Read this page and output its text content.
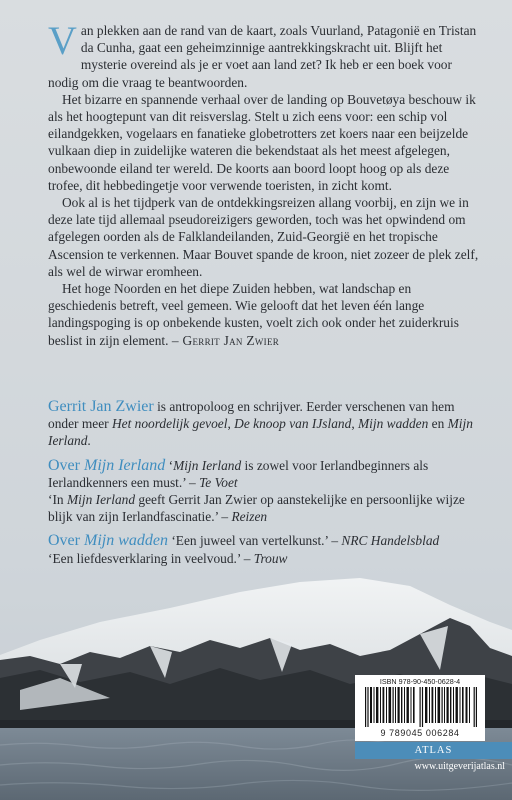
Van plekken aan de rand van de kaart, zoals Vuurland, Patagonië en Tristan da Cunha, gaat een geheimzinnige aantrekkingskracht uit. Blijft het mysterie overeind als je er voet aan land zet? Ik heb er een boek voor nodig om die vraag te beantwoorden.

Het bizarre en spannende verhaal over de landing op Bouvetøya beschouw ik als het hoogtepunt van dit reisverslag. Stelt u zich eens voor: een schip vol eilandgekken, vogelaars en fanatieke globetrotters zet koers naar een beijzelde vulkaan diep in zuidelijke wateren die bekendstaat als het meest afgelegen, onbewoonde eiland ter wereld. De koorts aan boord loopt hoog op als deze trofee, dit hebbedingetje voor verwende toeristen, in zicht komt.

Ook al is het tijdperk van de ontdekkingsreizen allang voorbij, en zijn we in deze late tijd allemaal pseudoreizigers geworden, toch was het opwindend om afgelegen oorden als de Falklandeilanden, Zuid-Georgië en het tropische Ascension te verkennen. Maar Bouvet spande de kroon, niet zozeer de plek zelf, als wel de wirwar eromheen.

Het hoge Noorden en het diepe Zuiden hebben, wat landschap en geschiedenis betreft, veel gemeen. Wie gelooft dat het leven één lange landingspoging is op onbekende kusten, voelt zich ook onder het zuiderkruis beslist in zijn element. – Gerrit Jan Zwier

Gerrit Jan Zwier is antropoloog en schrijver. Eerder verschenen van hem onder meer Het noordelijk gevoel, De knoop van IJsland, Mijn wadden en Mijn Ierland.

Over Mijn Ierland ‘Mijn Ierland is zowel voor Ierlandbeginners als Ierlandkenners een must.’ – Te Voet

‘In Mijn Ierland geeft Gerrit Jan Zwier op aanstekelijke en persoonlijke wijze blijk van zijn Ierlandfascinatie.’ – Reizen

Over Mijn wadden ‘Een juweel van vertelkunst.’ – NRC Handelsblad

‘Een liefdesverklaring in veelvoud.’ – Trouw

ISBN 978-90-450-0628-4
9 789045 006284
ATLAS
www.uitgeverijatlas.nl
